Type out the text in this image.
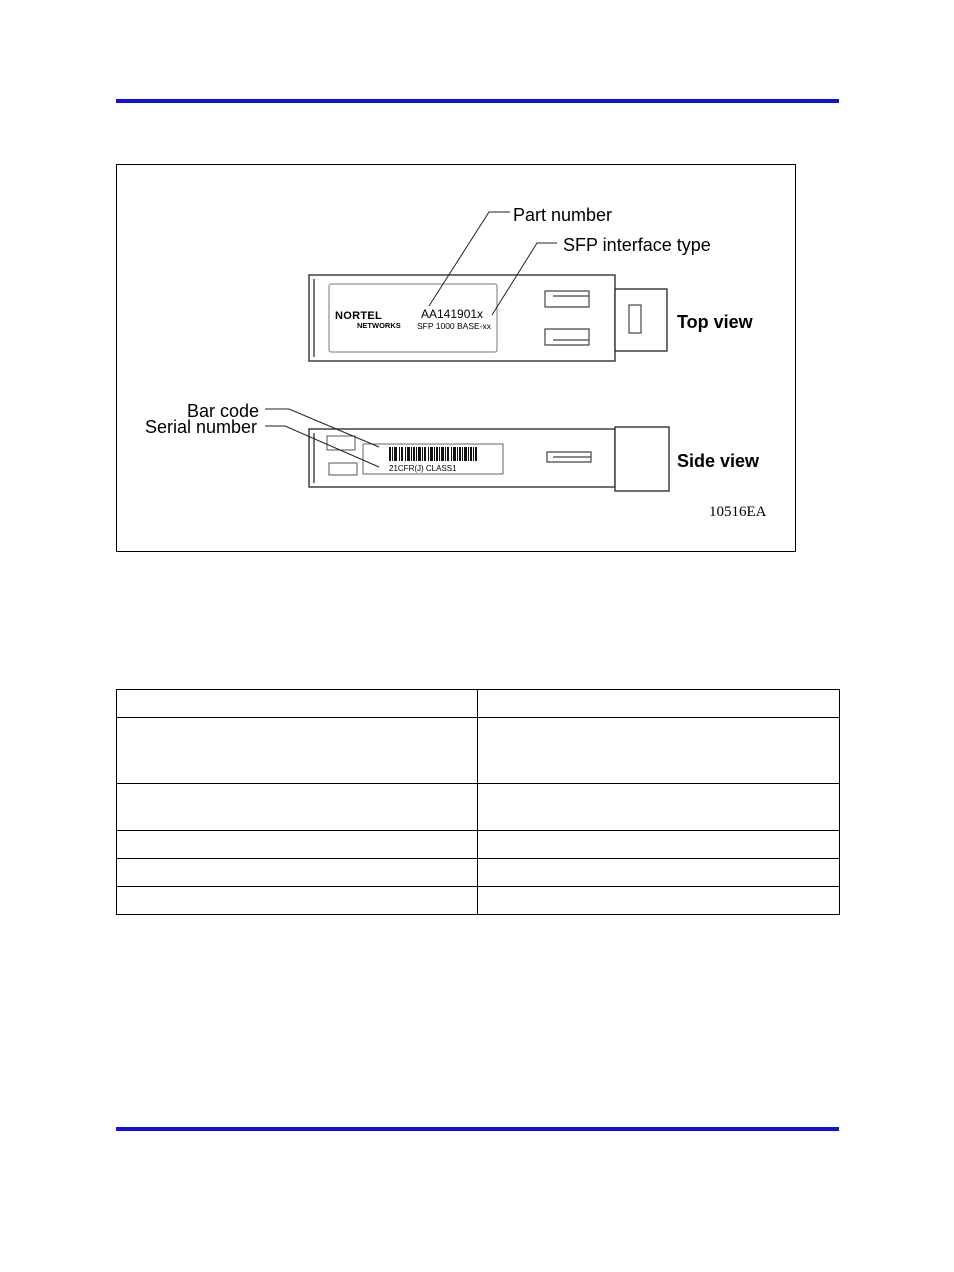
NORTEL
NETWORKS
AA141901x
SFP 1000 BASE-xx
Part number
SFP interface type
Top view
21CFR(J) CLASS1
Bar code
Serial number
Side view
10516EA
